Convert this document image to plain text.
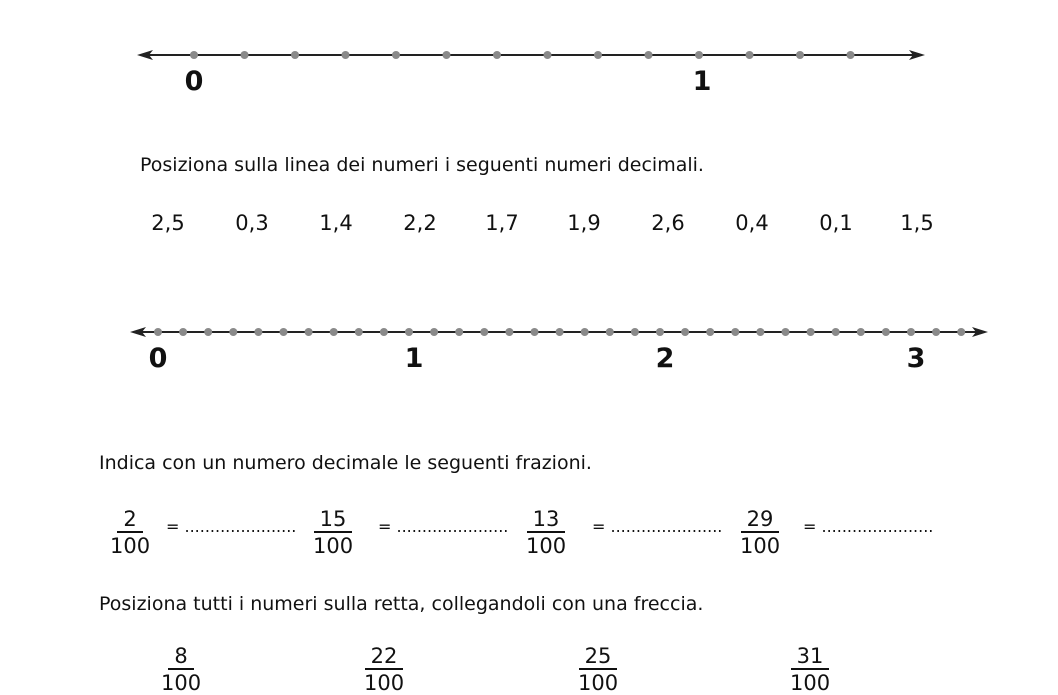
0	1
Posiziona sulla linea dei numeri i seguenti numeri decimali.
2,5 0,3 1,4 2,2 1,7 1,9 2,6 0,4 0,1 1,5
0	1	2	3
Indica con un numero decimale le seguenti frazioni.
$\frac{2}{100}$ = ...................... $\frac{15}{100}$ = ...................... $\frac{13}{100}$ = ...................... $\frac{29}{100}$ = ......................
Posiziona tutti i numeri sulla retta, collegandoli con una freccia.
$\frac{8}{100}$	$\frac{22}{100}$	$\frac{25}{100}$	$\frac{31}{100}$
